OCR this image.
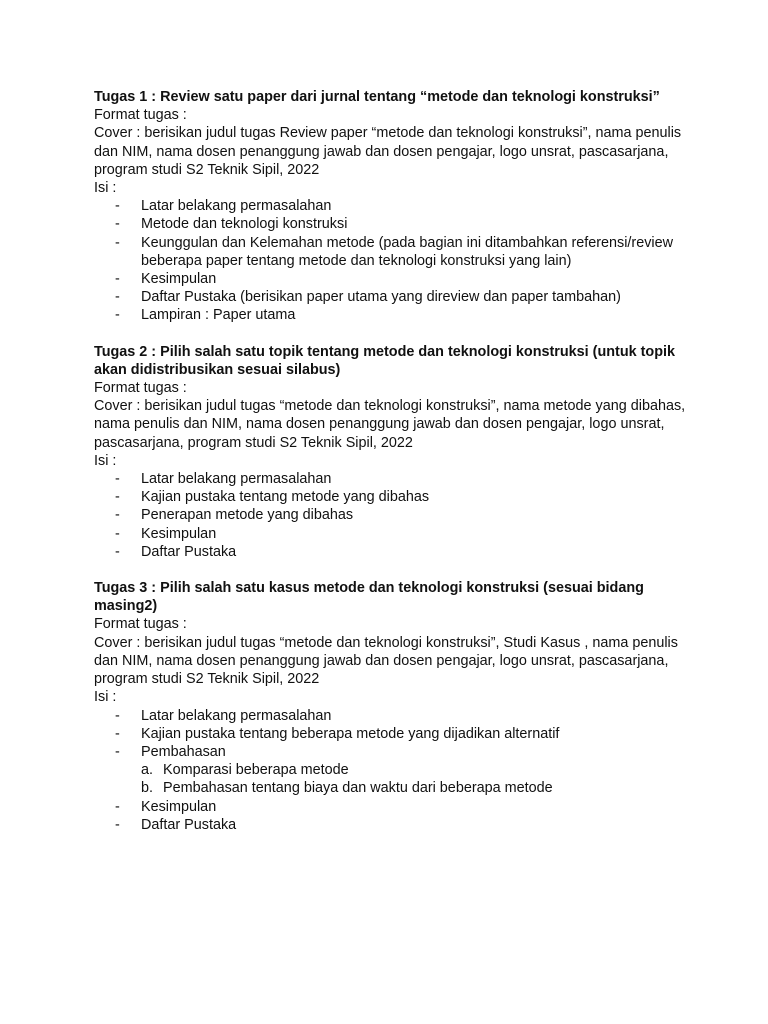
Tugas 1 : Review satu paper dari jurnal tentang “metode dan teknologi konstruksi”

Format tugas :

Cover : berisikan judul tugas Review paper “metode dan teknologi konstruksi”, nama penulis dan NIM, nama dosen penanggung jawab dan dosen pengajar, logo unsrat, pascasarjana, program studi S2 Teknik Sipil, 2022

Isi :

- Latar belakang permasalahan
- Metode dan teknologi konstruksi
- Keunggulan dan Kelemahan metode (pada bagian ini ditambahkan referensi/review beberapa paper tentang metode dan teknologi konstruksi yang lain)
- Kesimpulan
- Daftar Pustaka (berisikan paper utama yang direview dan paper tambahan)
- Lampiran : Paper utama

Tugas 2 : Pilih salah satu topik tentang metode dan teknologi konstruksi (untuk topik akan didistribusikan sesuai silabus)

Format tugas :

Cover : berisikan judul tugas “metode dan teknologi konstruksi”, nama metode yang dibahas, nama penulis dan NIM, nama dosen penanggung jawab dan dosen pengajar, logo unsrat, pascasarjana, program studi S2 Teknik Sipil, 2022

Isi :

- Latar belakang permasalahan
- Kajian pustaka tentang metode yang dibahas
- Penerapan metode yang dibahas
- Kesimpulan
- Daftar Pustaka

Tugas 3 : Pilih salah satu kasus metode dan teknologi konstruksi (sesuai bidang masing2)

Format tugas :

Cover : berisikan judul tugas “metode dan teknologi konstruksi”, Studi Kasus , nama penulis dan NIM, nama dosen penanggung jawab dan dosen pengajar, logo unsrat, pascasarjana, program studi S2 Teknik Sipil, 2022

Isi :

- Latar belakang permasalahan
- Kajian pustaka tentang beberapa metode yang dijadikan alternatif
- Pembahasan
a. Komparasi beberapa metode
b. Pembahasan tentang biaya dan waktu dari beberapa metode
- Kesimpulan
- Daftar Pustaka
